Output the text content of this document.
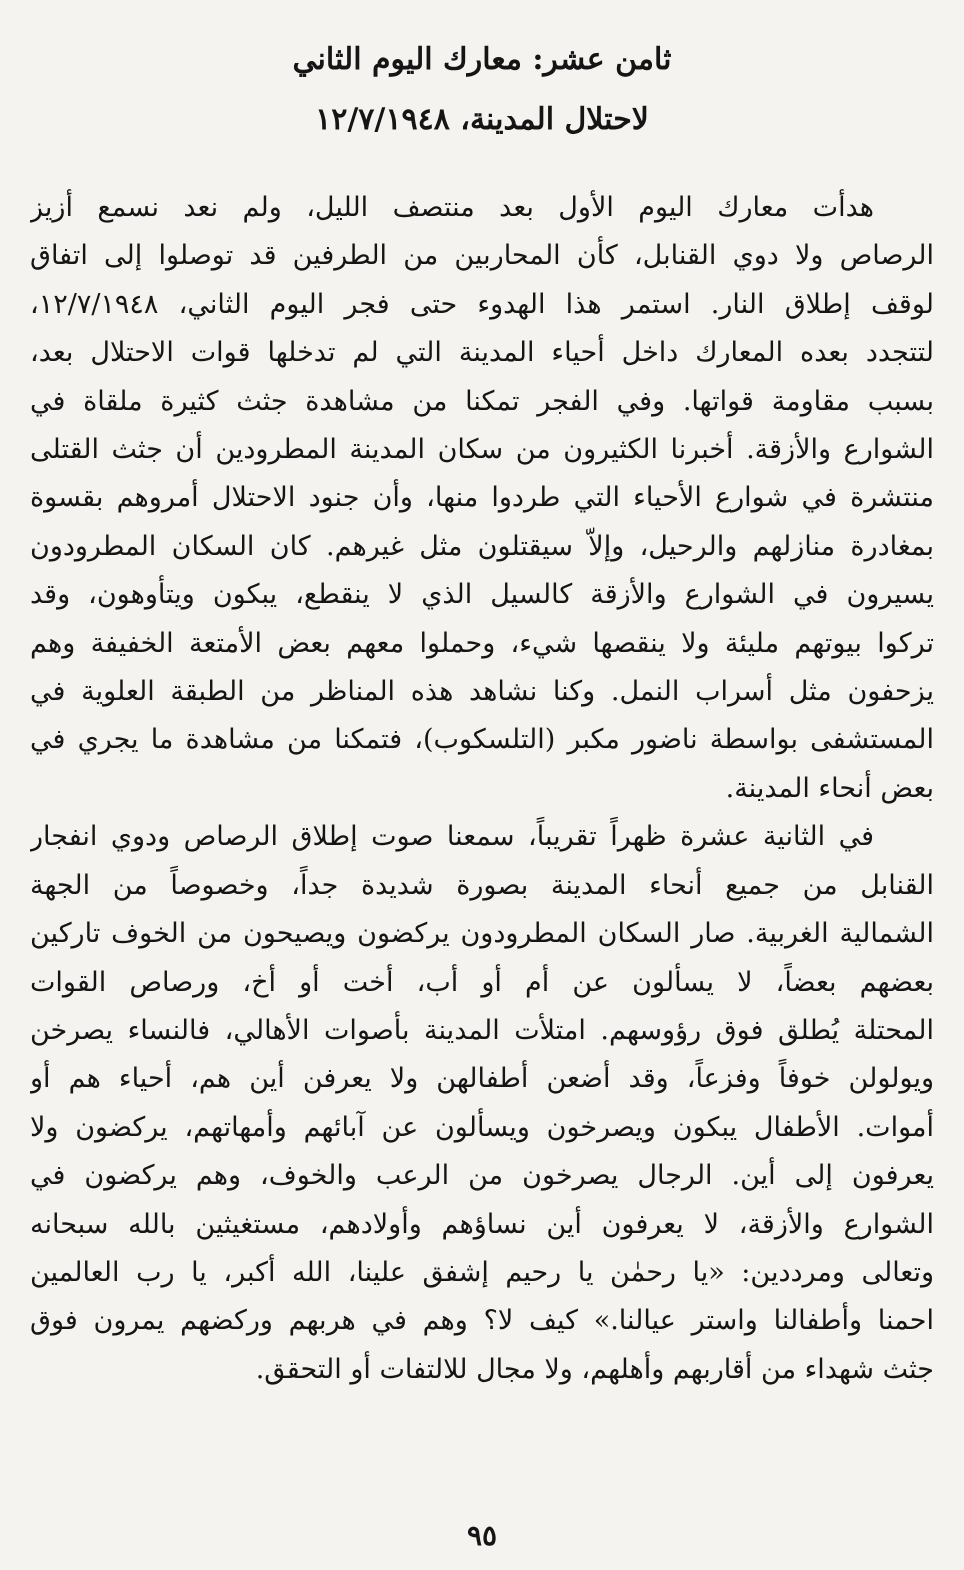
ثامن عشر: معارك اليوم الثاني
لاحتلال المدينة، ١٢/٧/١٩٤٨
هدأت معارك اليوم الأول بعد منتصف الليل، ولم نعد نسمع أزيز
الرصاص ولا دوي القنابل، كأن المحاربين من الطرفين قد توصلوا إلى اتفاق
لوقف إطلاق النار. استمر هذا الهدوء حتى فجر اليوم الثاني، ١٢/٧/١٩٤٨،
لتتجدد بعده المعارك داخل أحياء المدينة التي لم تدخلها قوات الاحتلال بعد،
بسبب مقاومة قواتها. وفي الفجر تمكنا من مشاهدة جثث كثيرة ملقاة في
الشوارع والأزقة. أخبرنا الكثيرون من سكان المدينة المطرودين أن جثث القتلى
منتشرة في شوارع الأحياء التي طردوا منها، وأن جنود الاحتلال أمروهم بقسوة
بمغادرة منازلهم والرحيل، وإلاّ سيقتلون مثل غيرهم. كان السكان المطرودون
يسيرون في الشوارع والأزقة كالسيل الذي لا ينقطع، يبكون ويتأوهون، وقد
تركوا بيوتهم مليئة ولا ينقصها شيء، وحملوا معهم بعض الأمتعة الخفيفة وهم
يزحفون مثل أسراب النمل. وكنا نشاهد هذه المناظر من الطبقة العلوية في
المستشفى بواسطة ناضور مكبر (التلسكوب)، فتمكنا من مشاهدة ما يجري في
بعض أنحاء المدينة.
في الثانية عشرة ظهراً تقريباً، سمعنا صوت إطلاق الرصاص ودوي انفجار
القنابل من جميع أنحاء المدينة بصورة شديدة جداً، وخصوصاً من الجهة
الشمالية الغربية. صار السكان المطرودون يركضون ويصيحون من الخوف تاركين
بعضهم بعضاً، لا يسألون عن أم أو أب، أخت أو أخ، ورصاص القوات
المحتلة يُطلق فوق رؤوسهم. امتلأت المدينة بأصوات الأهالي، فالنساء يصرخن
ويولولن خوفاً وفزعاً، وقد أضعن أطفالهن ولا يعرفن أين هم، أحياء هم أو
أموات. الأطفال يبكون ويصرخون ويسألون عن آبائهم وأمهاتهم، يركضون ولا
يعرفون إلى أين. الرجال يصرخون من الرعب والخوف، وهم يركضون في
الشوارع والأزقة، لا يعرفون أين نساؤهم وأولادهم، مستغيثين بالله سبحانه
وتعالى ومرددين: «يا رحمٰن يا رحيم إشفق علينا، الله أكبر، يا رب العالمين
احمنا وأطفالنا واستر عيالنا.» كيف لا؟ وهم في هربهم وركضهم يمرون فوق
جثث شهداء من أقاربهم وأهلهم، ولا مجال للالتفات أو التحقق.
٩٥
